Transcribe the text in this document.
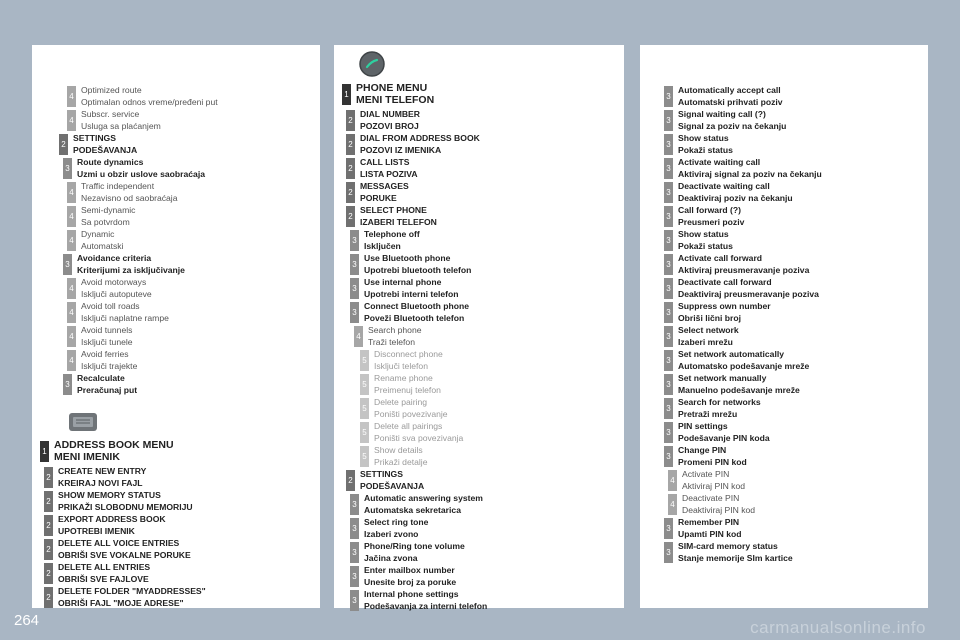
4
Optimized route
Optimalan odnos vreme/pređeni put
4
Subscr. service
Usluga sa plaćanjem
2
SETTINGS
PODEŠAVANJA
3
Route dynamics
Uzmi u obzir uslove saobraćaja
4
Traffic independent
Nezavisno od saobraćaja
4
Semi-dynamic
Sa potvrdom
4
Dynamic
Automatski
3
Avoidance criteria
Kriterijumi za isključivanje
4
Avoid motorways
Isključi autoputeve
4
Avoid toll roads
Isključi naplatne rampe
4
Avoid tunnels
Isključi tunele
4
Avoid ferries
Isključi trajekte
3
Recalculate
Preračunaj put
1
ADDRESS BOOK MENU
MENI IMENIK
2
CREATE NEW ENTRY
KREIRAJ NOVI FAJL
2
SHOW MEMORY STATUS
PRIKAŽI SLOBODNU MEMORIJU
2
EXPORT ADDRESS BOOK
UPOTREBI IMENIK
2
DELETE ALL VOICE ENTRIES
OBRIŠI SVE VOKALNE PORUKE
2
DELETE ALL ENTRIES
OBRIŠI SVE FAJLOVE
2
DELETE FOLDER "MYADDRESSES"
OBRIŠI FAJL "MOJE ADRESE"
1
PHONE MENU
MENI TELEFON
2
DIAL NUMBER
POZOVI BROJ
2
DIAL FROM ADDRESS BOOK
POZOVI IZ IMENIKA
2
CALL LISTS
LISTA POZIVA
2
MESSAGES
PORUKE
2
SELECT PHONE
IZABERI TELEFON
3
Telephone off
Isključen
3
Use Bluetooth phone
Upotrebi bluetooth telefon
3
Use internal phone
Upotrebi interni telefon
3
Connect Bluetooth phone
Poveži Bluetooth telefon
4
Search phone
Traži telefon
5
Disconnect phone
Isključi telefon
5
Rename phone
Preimenuj telefon
5
Delete pairing
Poništi povezivanje
5
Delete all pairings
Poništi sva povezivanja
5
Show details
Prikaži detalje
2
SETTINGS
PODEŠAVANJA
3
Automatic answering system
Automatska sekretarica
3
Select ring tone
Izaberi zvono
3
Phone/Ring tone volume
Jačina zvona
3
Enter mailbox number
Unesite broj za poruke
3
Internal phone settings
Podešavanja za interni telefon
3
Automatically accept call
Automatski prihvati poziv
3
Signal waiting call (?)
Signal za poziv na čekanju
3
Show status
Pokaži status
3
Activate waiting call
Aktiviraj signal za poziv na čekanju
3
Deactivate waiting call
Deaktiviraj poziv na čekanju
3
Call forward (?)
Preusmeri poziv
3
Show status
Pokaži status
3
Activate call forward
Aktiviraj preusmeravanje poziva
3
Deactivate call forward
Deaktiviraj preusmeravanje poziva
3
Suppress own number
Obriši lični broj
3
Select network
Izaberi mrežu
3
Set network automatically
Automatsko podešavanje mreže
3
Set network manually
Manuelno podešavanje mreže
3
Search for networks
Pretraži mrežu
3
PIN settings
Podešavanje PIN koda
3
Change PIN
Promeni PIN kod
4
Activate PIN
Aktiviraj PIN kod
4
Deactivate PIN
Deaktiviraj PIN kod
3
Remember PIN
Upamti PIN kod
3
SIM-card memory status
Stanje memorije SIm kartice
264	carmanualsonline.info
